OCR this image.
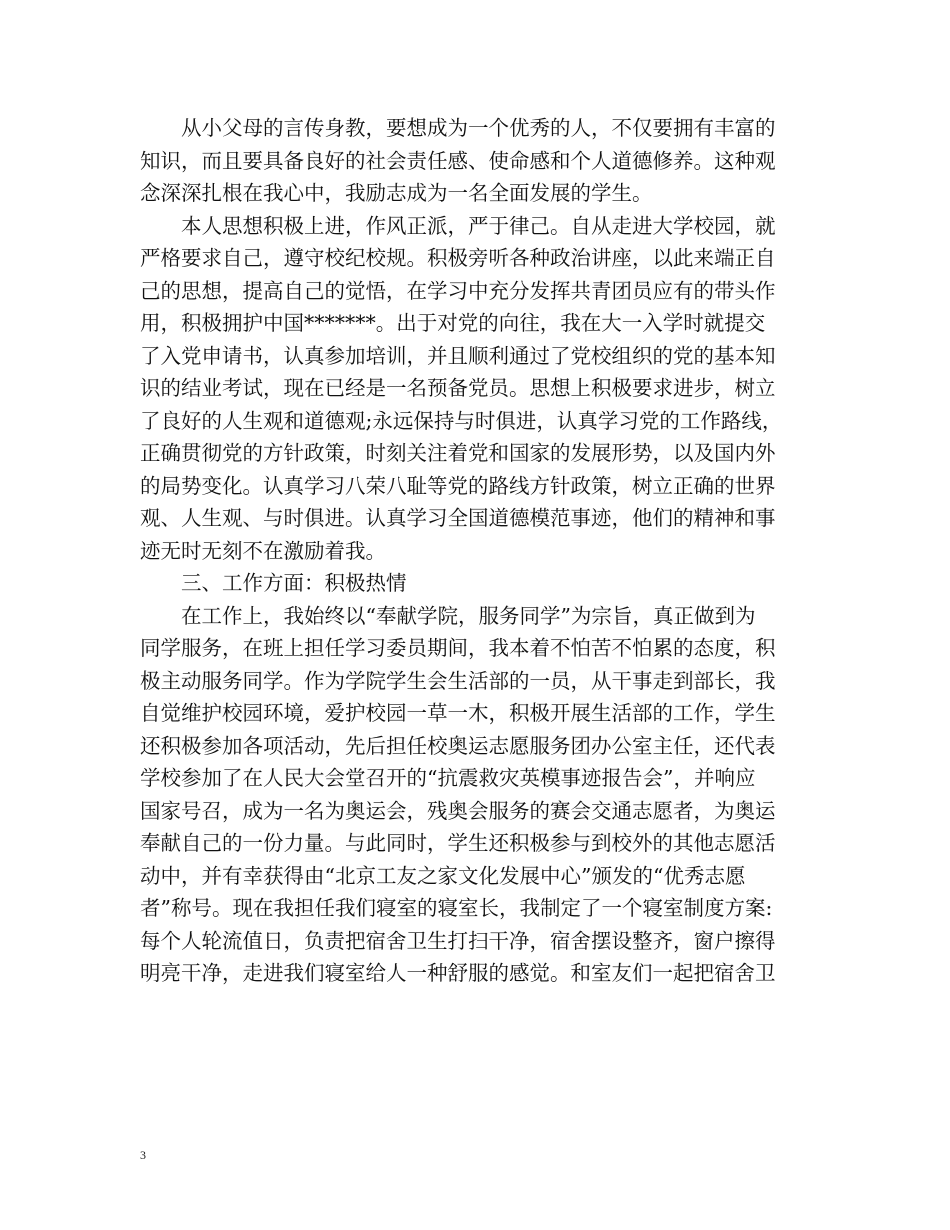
从小父母的言传身教，要想成为一个优秀的人，不仅要拥有丰富的
知识，而且要具备良好的社会责任感、使命感和个人道德修养。这种观
念深深扎根在我心中，我励志成为一名全面发展的学生。
本人思想积极上进，作风正派，严于律己。自从走进大学校园，就
严格要求自己，遵守校纪校规。积极旁听各种政治讲座，以此来端正自
己的思想，提高自己的觉悟，在学习中充分发挥共青团员应有的带头作
用，积极拥护中国*******。出于对党的向往，我在大一入学时就提交
了入党申请书，认真参加培训，并且顺利通过了党校组织的党的基本知
识的结业考试，现在已经是一名预备党员。思想上积极要求进步，树立
了良好的人生观和道德观;永远保持与时俱进，认真学习党的工作路线，
正确贯彻党的方针政策，时刻关注着党和国家的发展形势，以及国内外
的局势变化。认真学习八荣八耻等党的路线方针政策，树立正确的世界
观、人生观、与时俱进。认真学习全国道德模范事迹，他们的精神和事
迹无时无刻不在激励着我。
三、工作方面：积极热情
在工作上，我始终以“奉献学院，服务同学”为宗旨，真正做到为
同学服务，在班上担任学习委员期间，我本着不怕苦不怕累的态度，积
极主动服务同学。作为学院学生会生活部的一员，从干事走到部长，我
自觉维护校园环境，爱护校园一草一木，积极开展生活部的工作，学生
还积极参加各项活动，先后担任校奥运志愿服务团办公室主任，还代表
学校参加了在人民大会堂召开的“抗震救灾英模事迹报告会”，并响应
国家号召，成为一名为奥运会，残奥会服务的赛会交通志愿者，为奥运
奉献自己的一份力量。与此同时，学生还积极参与到校外的其他志愿活
动中，并有幸获得由“北京工友之家文化发展中心”颁发的“优秀志愿
者”称号。现在我担任我们寝室的寝室长，我制定了一个寝室制度方案:
每个人轮流值日，负责把宿舍卫生打扫干净，宿舍摆设整齐，窗户擦得
明亮干净，走进我们寝室给人一种舒服的感觉。和室友们一起把宿舍卫
3
